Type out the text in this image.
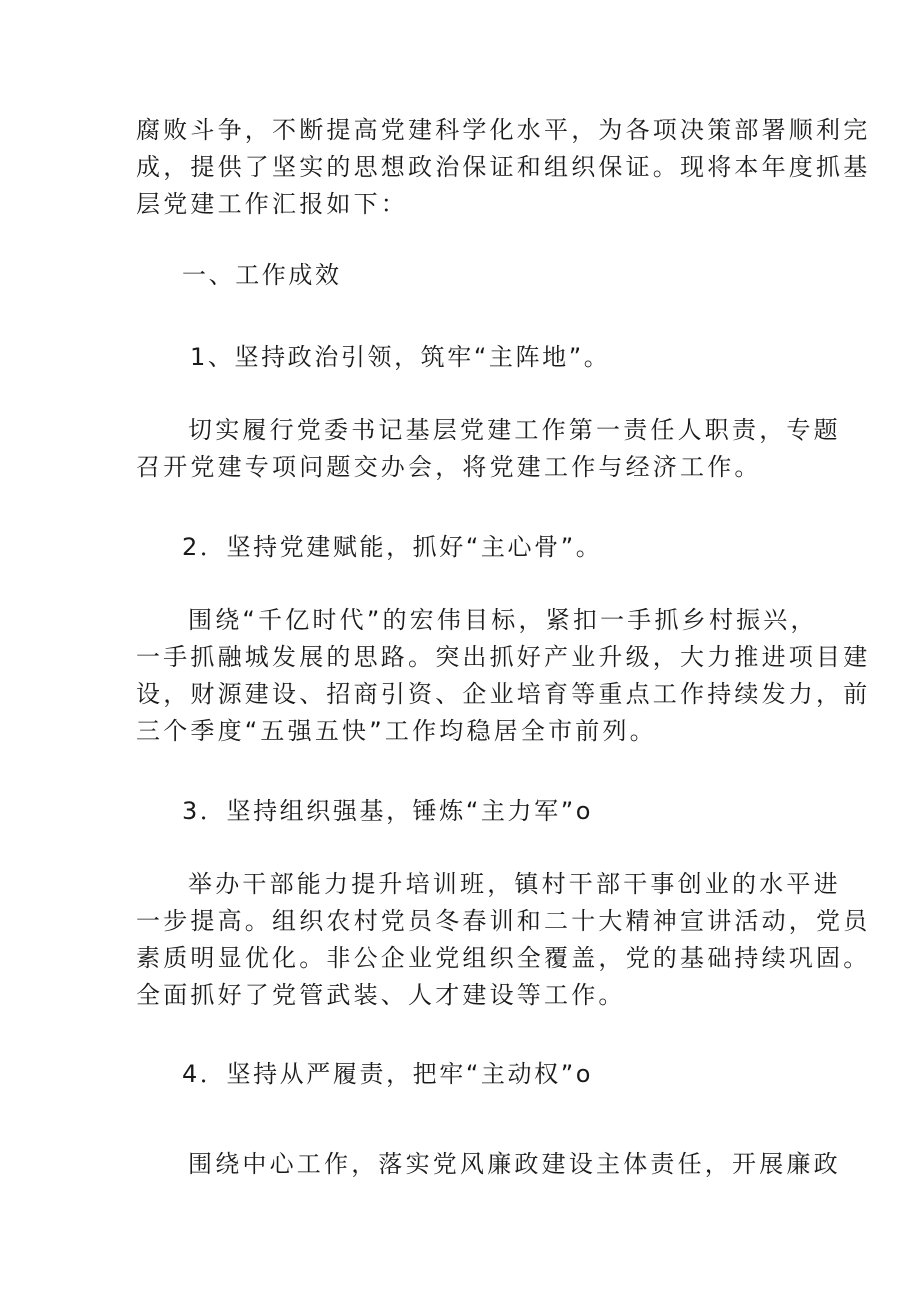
腐败斗争，不断提高党建科学化水平，为各项决策部署顺利完
成，提供了坚实的思想政治保证和组织保证。现将本年度抓基
层党建工作汇报如下：
一、工作成效
1、坚持政治引领，筑牢“主阵地”。
切实履行党委书记基层党建工作第一责任人职责，专题
召开党建专项问题交办会，将党建工作与经济工作。
2．坚持党建赋能，抓好“主心骨”。
围绕“千亿时代”的宏伟目标，紧扣一手抓乡村振兴，
一手抓融城发展的思路。突出抓好产业升级，大力推进项目建
设，财源建设、招商引资、企业培育等重点工作持续发力，前
三个季度“五强五快”工作均稳居全市前列。
3．坚持组织强基，锤炼“主力军”o
举办干部能力提升培训班，镇村干部干事创业的水平进
一步提高。组织农村党员冬春训和二十大精神宣讲活动，党员
素质明显优化。非公企业党组织全覆盖，党的基础持续巩固。
全面抓好了党管武装、人才建设等工作。
4．坚持从严履责，把牢“主动权”o
围绕中心工作，落实党风廉政建设主体责任，开展廉政
